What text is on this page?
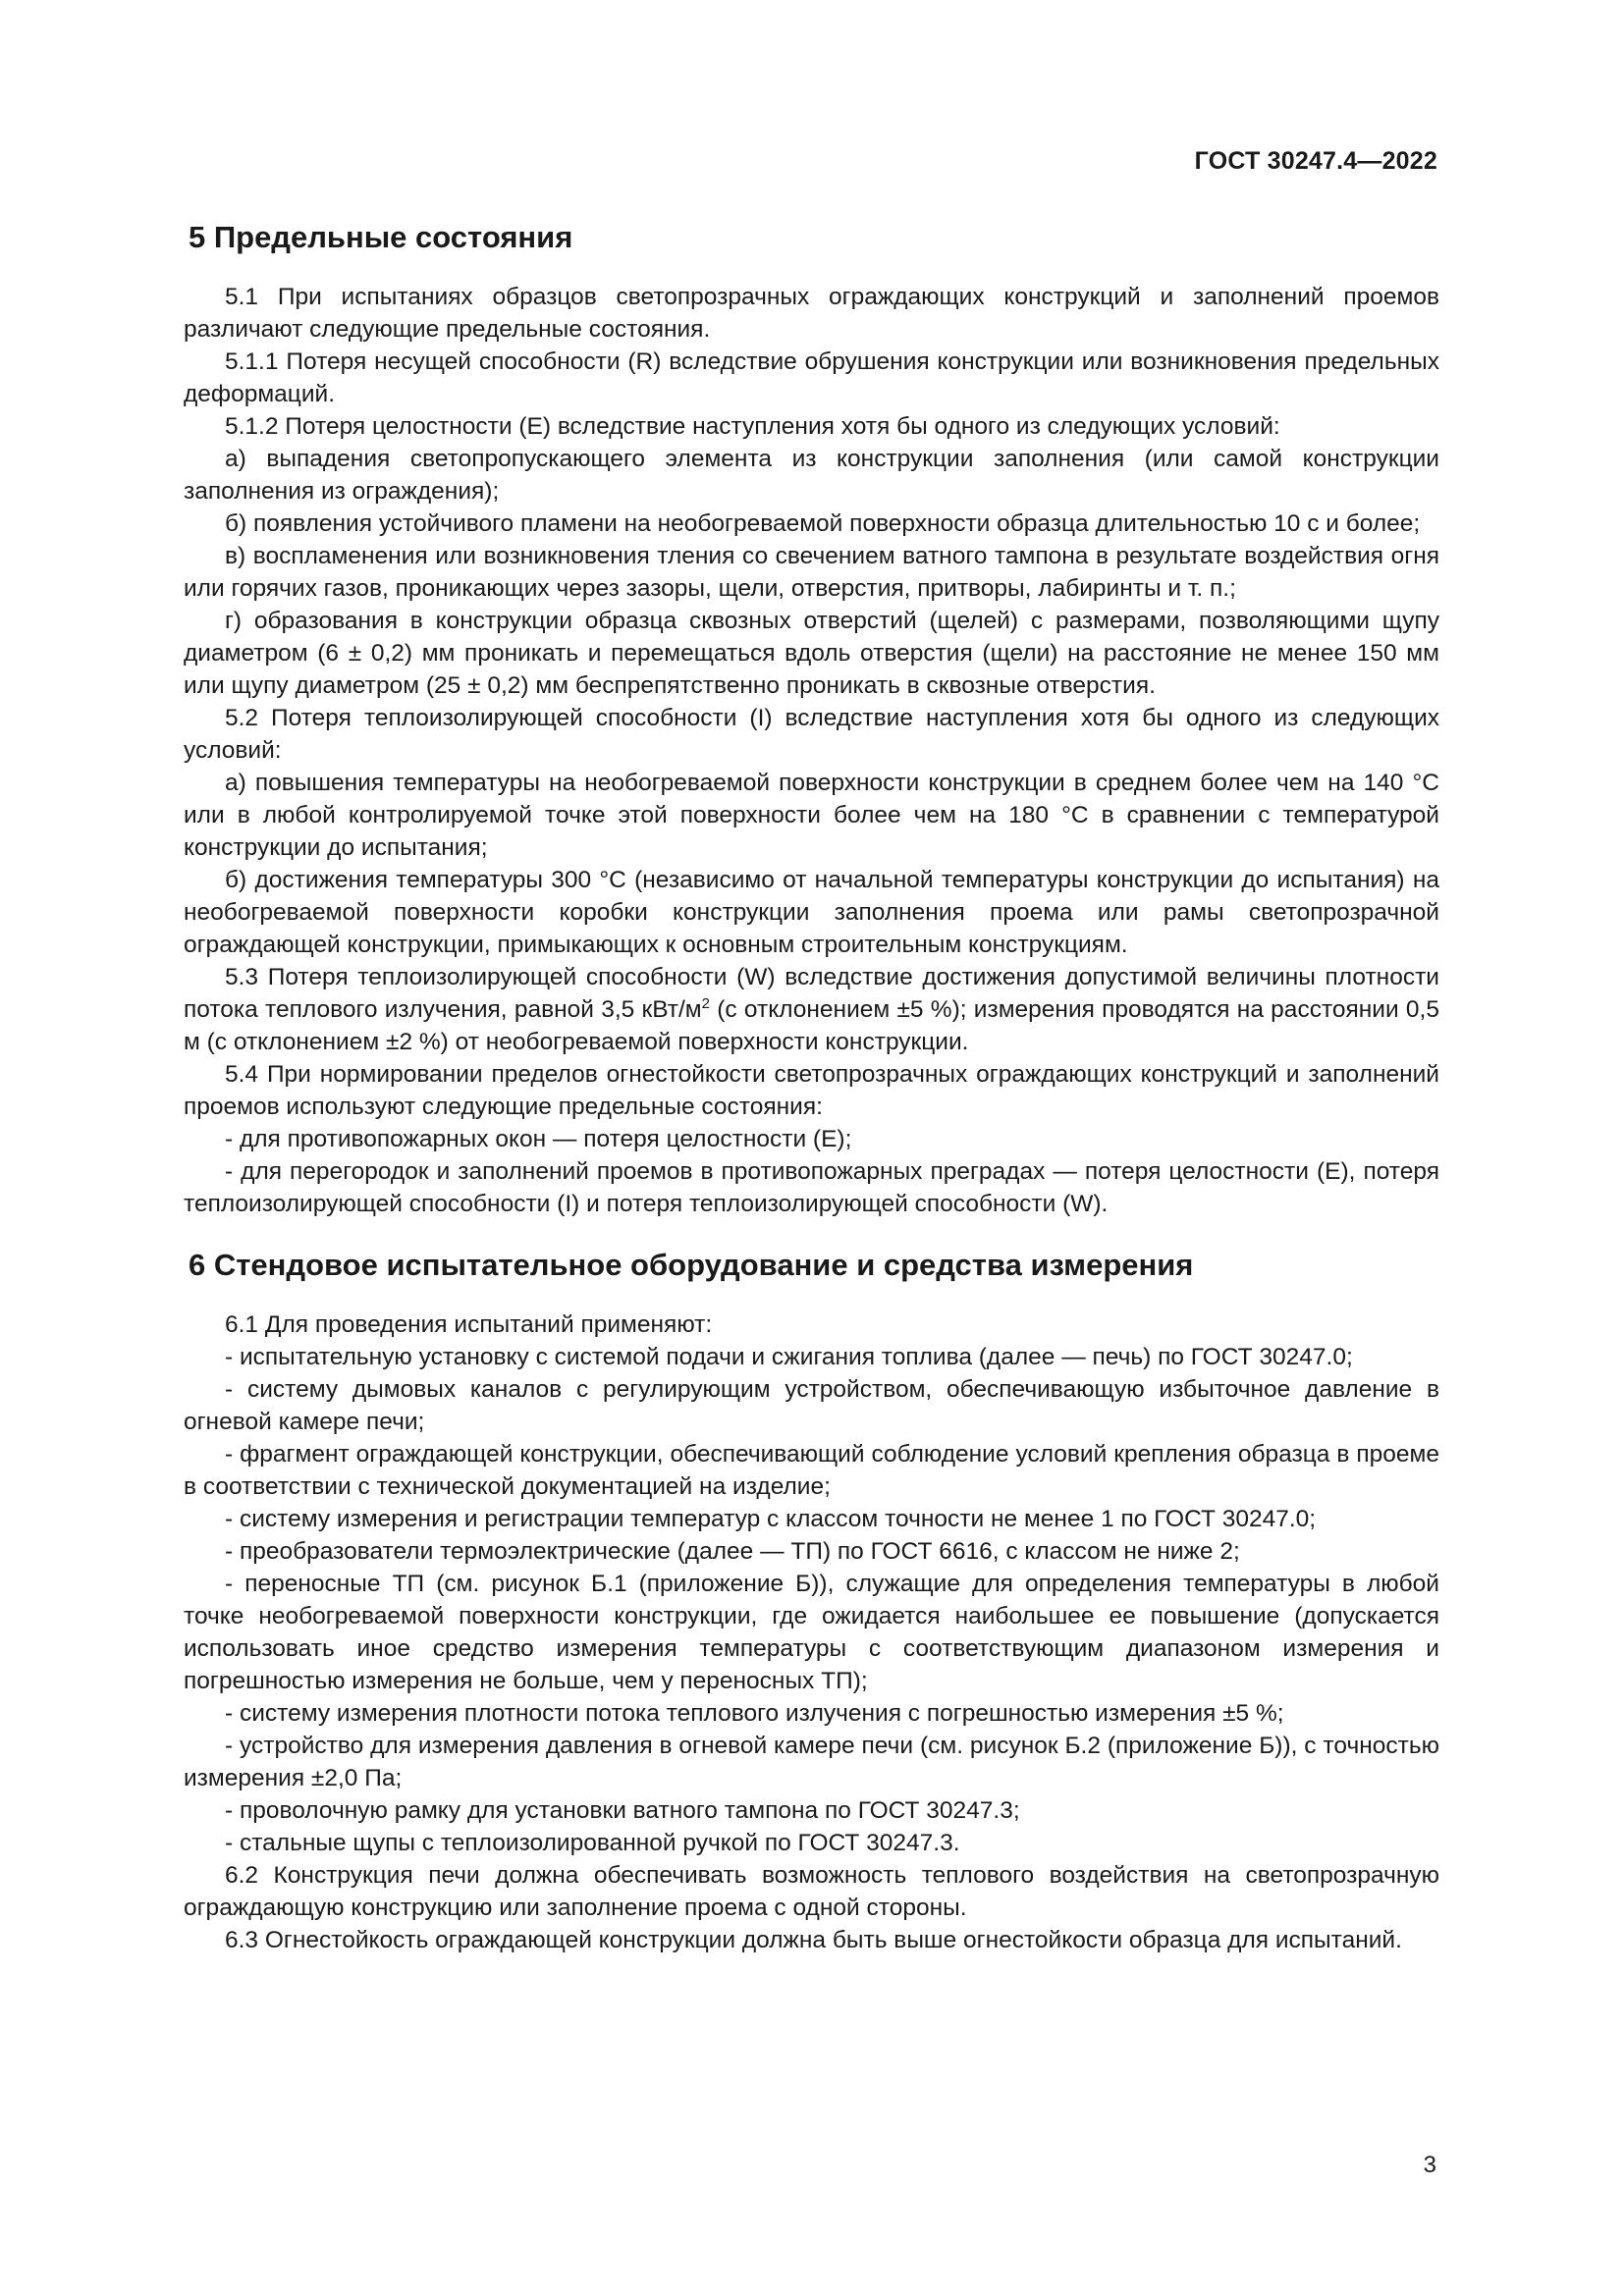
ГОСТ 30247.4—2022
5 Предельные состояния

5.1 При испытаниях образцов светопрозрачных ограждающих конструкций и заполнений проемов различают следующие предельные состояния.

5.1.1 Потеря несущей способности (R) вследствие обрушения конструкции или возникновения предельных деформаций.

5.1.2 Потеря целостности (Е) вследствие наступления хотя бы одного из следующих условий:

а) выпадения светопропускающего элемента из конструкции заполнения (или самой конструкции заполнения из ограждения);

б) появления устойчивого пламени на необогреваемой поверхности образца длительностью 10 с и более;

в) воспламенения или возникновения тления со свечением ватного тампона в результате воздействия огня или горячих газов, проникающих через зазоры, щели, отверстия, притворы, лабиринты и т. п.;

г) образования в конструкции образца сквозных отверстий (щелей) с размерами, позволяющими щупу диаметром (6 ± 0,2) мм проникать и перемещаться вдоль отверстия (щели) на расстояние не менее 150 мм или щупу диаметром (25 ± 0,2) мм беспрепятственно проникать в сквозные отверстия.

5.2 Потеря теплоизолирующей способности (I) вследствие наступления хотя бы одного из следующих условий:

а) повышения температуры на необогреваемой поверхности конструкции в среднем более чем на 140 °С или в любой контролируемой точке этой поверхности более чем на 180 °С в сравнении с температурой конструкции до испытания;

б) достижения температуры 300 °С (независимо от начальной температуры конструкции до испытания) на необогреваемой поверхности коробки конструкции заполнения проема или рамы светопрозрачной ограждающей конструкции, примыкающих к основным строительным конструкциям.

5.3 Потеря теплоизолирующей способности (W) вследствие достижения допустимой величины плотности потока теплового излучения, равной 3,5 кВт/$м^2$ (с отклонением ±5 %); измерения проводятся на расстоянии 0,5 м (с отклонением ±2 %) от необогреваемой поверхности конструкции.

5.4 При нормировании пределов огнестойкости светопрозрачных ограждающих конструкций и заполнений проемов используют следующие предельные состояния:

- для противопожарных окон — потеря целостности (Е);

- для перегородок и заполнений проемов в противопожарных преградах — потеря целостности (Е), потеря теплоизолирующей способности (I) и потеря теплоизолирующей способности (W).

6 Стендовое испытательное оборудование и средства измерения

6.1 Для проведения испытаний применяют:

- испытательную установку с системой подачи и сжигания топлива (далее — печь) по ГОСТ 30247.0;

- систему дымовых каналов с регулирующим устройством, обеспечивающую избыточное давление в огневой камере печи;

- фрагмент ограждающей конструкции, обеспечивающий соблюдение условий крепления образца в проеме в соответствии с технической документацией на изделие;

- систему измерения и регистрации температур с классом точности не менее 1 по ГОСТ 30247.0;

- преобразователи термоэлектрические (далее — ТП) по ГОСТ 6616, с классом не ниже 2;

- переносные ТП (см. рисунок Б.1 (приложение Б)), служащие для определения температуры в любой точке необогреваемой поверхности конструкции, где ожидается наибольшее ее повышение (допускается использовать иное средство измерения температуры с соответствующим диапазоном измерения и погрешностью измерения не больше, чем у переносных ТП);

- систему измерения плотности потока теплового излучения с погрешностью измерения ±5 %;

- устройство для измерения давления в огневой камере печи (см. рисунок Б.2 (приложение Б)), с точностью измерения ±2,0 Па;

- проволочную рамку для установки ватного тампона по ГОСТ 30247.3;

- стальные щупы с теплоизолированной ручкой по ГОСТ 30247.3.

6.2 Конструкция печи должна обеспечивать возможность теплового воздействия на светопрозрачную ограждающую конструкцию или заполнение проема с одной стороны.

6.3 Огнестойкость ограждающей конструкции должна быть выше огнестойкости образца для испытаний.

3
